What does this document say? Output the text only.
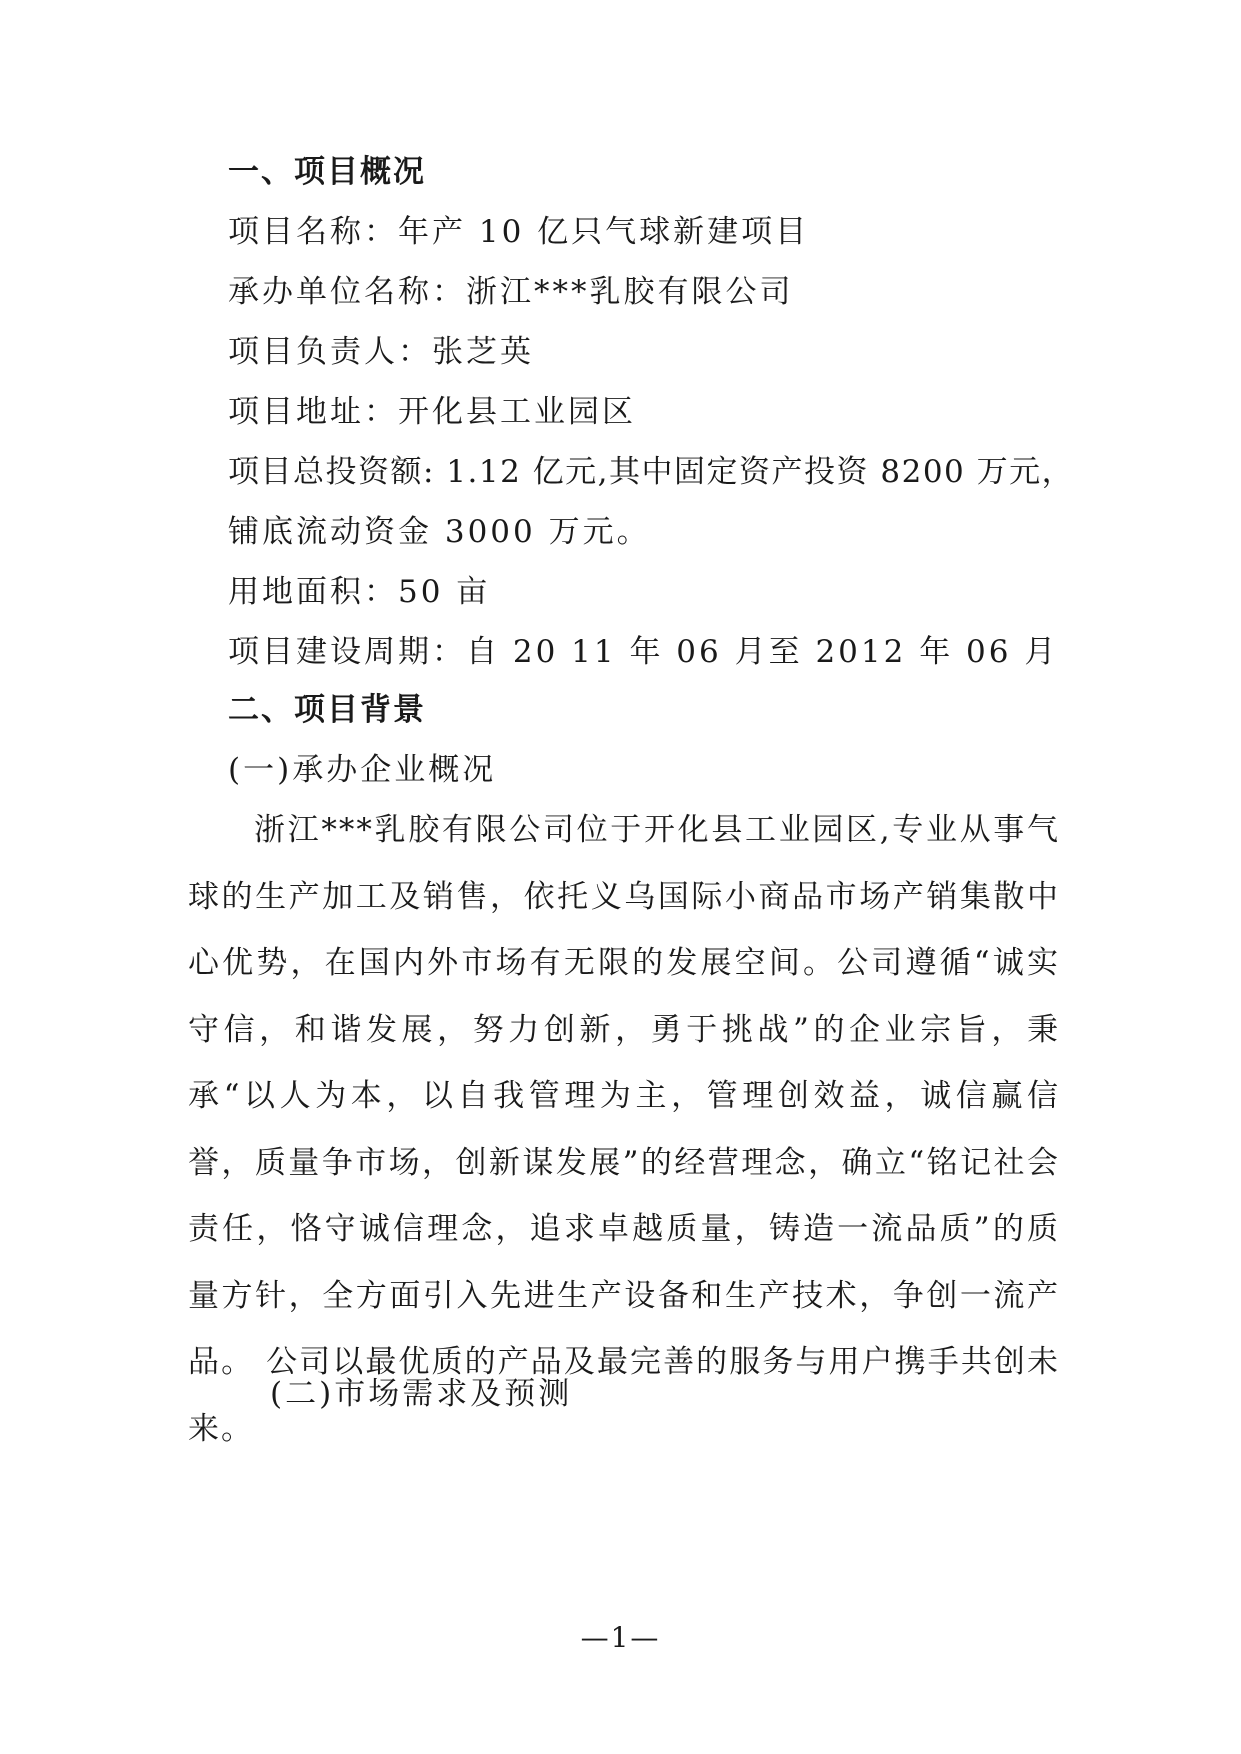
一、项目概况
项目名称：年产 10 亿只气球新建项目
承办单位名称：浙江***乳胶有限公司
项目负责人：张芝英
项目地址：开化县工业园区
项目总投资额: 1.12 亿元,其中固定资产投资 8200 万元，
铺底流动资金 3000 万元。
用地面积：50 亩
项目建设周期：自 20 11 年 06 月至 2012 年 06 月
二、项目背景
(一)承办企业概况
浙江***乳胶有限公司位于开化县工业园区,专业从事气球的生产加工及销售，依托义乌国际小商品市场产销集散中心优势，在国内外市场有无限的发展空间。公司遵循“诚实守信，和谐发展，努力创新，勇于挑战”的企业宗旨，秉承“以人为本，以自我管理为主，管理创效益，诚信赢信誉，质量争市场，创新谋发展”的经营理念，确立“铭记社会责任，恪守诚信理念，追求卓越质量，铸造一流品质”的质量方针，全方面引入先进生产设备和生产技术，争创一流产品。 公司以最优质的产品及最完善的服务与用户携手共创未来。
(二)市场需求及预测
—1—
